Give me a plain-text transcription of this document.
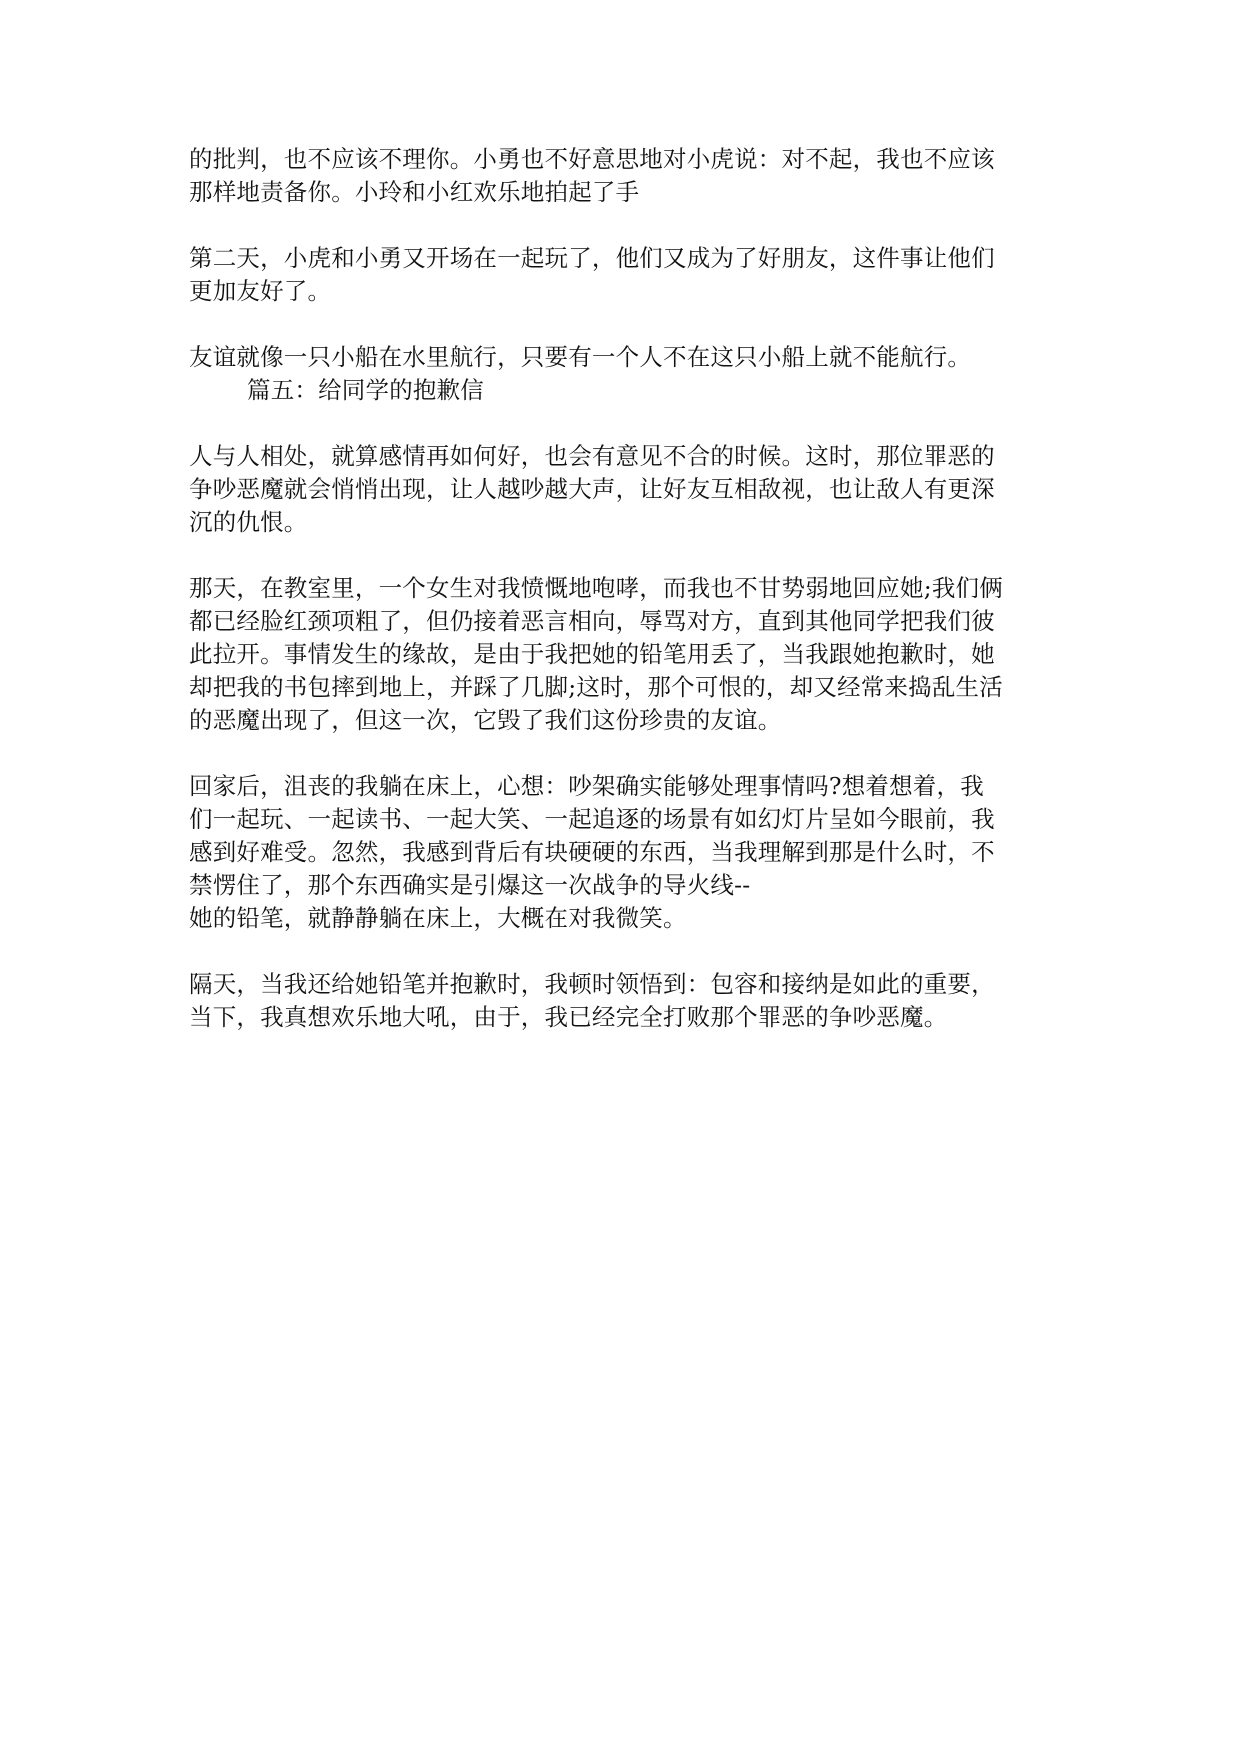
的批判，也不应该不理你。小勇也不好意思地对小虎说：对不起，我也不应该
那样地责备你。小玲和小红欢乐地拍起了手
第二天，小虎和小勇又开场在一起玩了，他们又成为了好朋友，这件事让他们
更加友好了。
友谊就像一只小船在水里航行，只要有一个人不在这只小船上就不能航行。
篇五：给同学的抱歉信
人与人相处，就算感情再如何好，也会有意见不合的时候。这时，那位罪恶的
争吵恶魔就会悄悄出现，让人越吵越大声，让好友互相敌视，也让敌人有更深
沉的仇恨。
那天，在教室里，一个女生对我愤慨地咆哮，而我也不甘势弱地回应她;我们俩
都已经脸红颈项粗了，但仍接着恶言相向，辱骂对方，直到其他同学把我们彼
此拉开。事情发生的缘故，是由于我把她的铅笔用丢了，当我跟她抱歉时，她
却把我的书包摔到地上，并踩了几脚;这时，那个可恨的，却又经常来捣乱生活
的恶魔出现了，但这一次，它毁了我们这份珍贵的友谊。
回家后，沮丧的我躺在床上，心想：吵架确实能够处理事情吗?想着想着，我
们一起玩、一起读书、一起大笑、一起追逐的场景有如幻灯片呈如今眼前，我
感到好难受。忽然，我感到背后有块硬硬的东西，当我理解到那是什么时，不
禁愣住了，那个东西确实是引爆这一次战争的导火线--
她的铅笔，就静静躺在床上，大概在对我微笑。
隔天，当我还给她铅笔并抱歉时，我顿时领悟到：包容和接纳是如此的重要，
当下，我真想欢乐地大吼，由于，我已经完全打败那个罪恶的争吵恶魔。
